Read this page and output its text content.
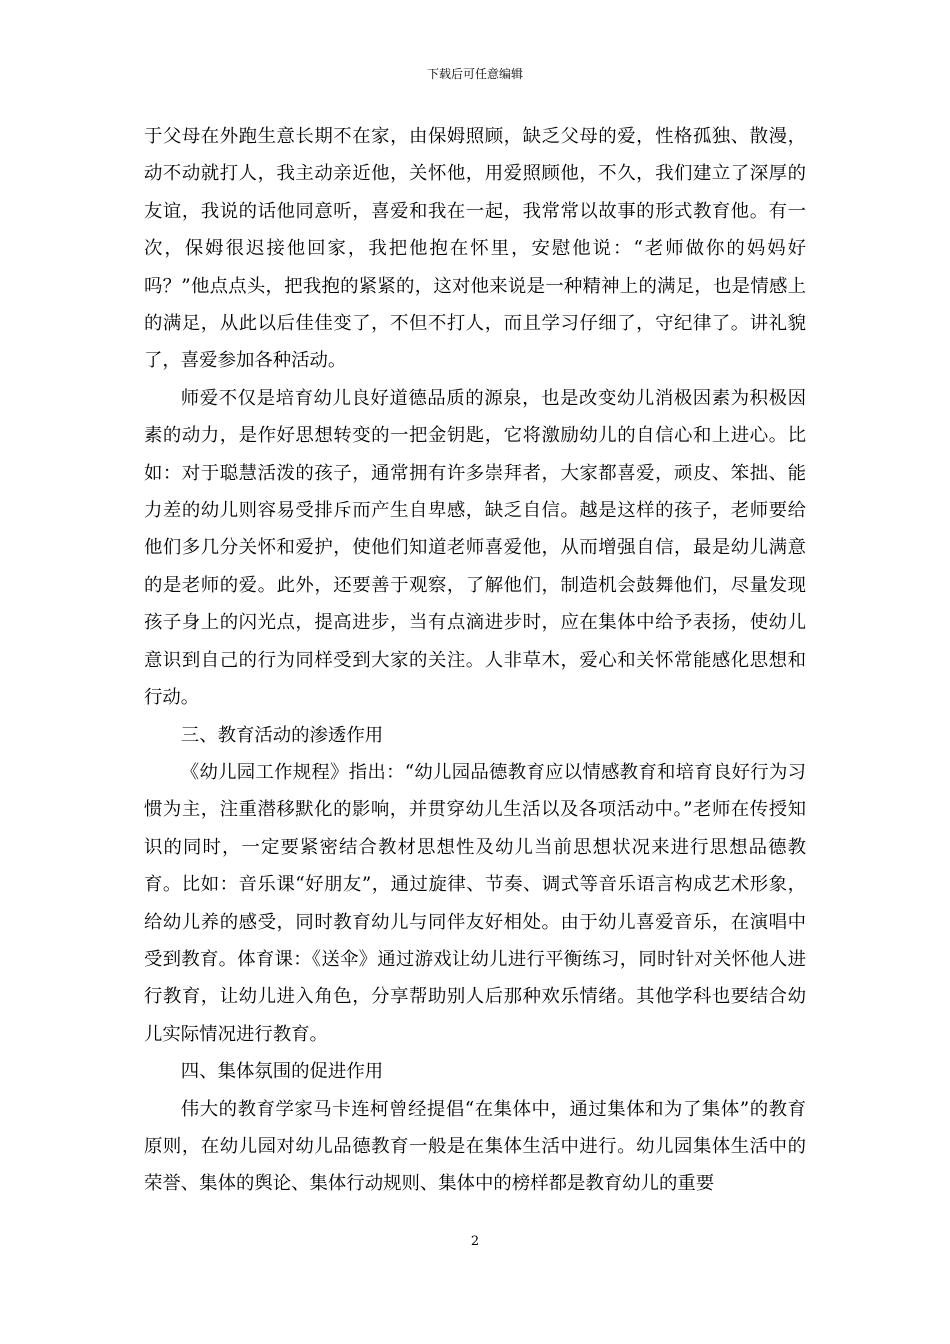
下载后可任意编辑

于父母在外跑生意长期不在家，由保姆照顾，缺乏父母的爱，性格孤独、散漫，动不动就打人，我主动亲近他，关怀他，用爱照顾他，不久，我们建立了深厚的友谊，我说的话他同意听，喜爱和我在一起，我常常以故事的形式教育他。有一次，保姆很迟接他回家，我把他抱在怀里，安慰他说：“老师做你的妈妈好吗？”他点点头，把我抱的紧紧的，这对他来说是一种精神上的满足，也是情感上的满足，从此以后佳佳变了，不但不打人，而且学习仔细了，守纪律了。讲礼貌了，喜爱参加各种活动。

师爱不仅是培育幼儿良好道德品质的源泉，也是改变幼儿消极因素为积极因素的动力，是作好思想转变的一把金钥匙，它将激励幼儿的自信心和上进心。比如：对于聪慧活泼的孩子，通常拥有许多崇拜者，大家都喜爱，顽皮、笨拙、能力差的幼儿则容易受排斥而产生自卑感，缺乏自信。越是这样的孩子，老师要给他们多几分关怀和爱护，使他们知道老师喜爱他，从而增强自信，最是幼儿满意的是老师的爱。此外，还要善于观察，了解他们，制造机会鼓舞他们，尽量发现孩子身上的闪光点，提高进步，当有点滴进步时，应在集体中给予表扬，使幼儿意识到自己的行为同样受到大家的关注。人非草木，爱心和关怀常能感化思想和行动。

三、教育活动的渗透作用

《幼儿园工作规程》指出：“幼儿园品德教育应以情感教育和培育良好行为习惯为主，注重潜移默化的影响，并贯穿幼儿生活以及各项活动中。”老师在传授知识的同时，一定要紧密结合教材思想性及幼儿当前思想状况来进行思想品德教育。比如：音乐课“好朋友”，通过旋律、节奏、调式等音乐语言构成艺术形象，给幼儿养的感受，同时教育幼儿与同伴友好相处。由于幼儿喜爱音乐，在演唱中受到教育。体育课：《送伞》通过游戏让幼儿进行平衡练习，同时针对关怀他人进行教育，让幼儿进入角色，分享帮助别人后那种欢乐情绪。其他学科也要结合幼儿实际情况进行教育。

四、集体氛围的促进作用

伟大的教育学家马卡连柯曾经提倡“在集体中，通过集体和为了集体”的教育原则，在幼儿园对幼儿品德教育一般是在集体生活中进行。幼儿园集体生活中的荣誉、集体的舆论、集体行动规则、集体中的榜样都是教育幼儿的重要

2
